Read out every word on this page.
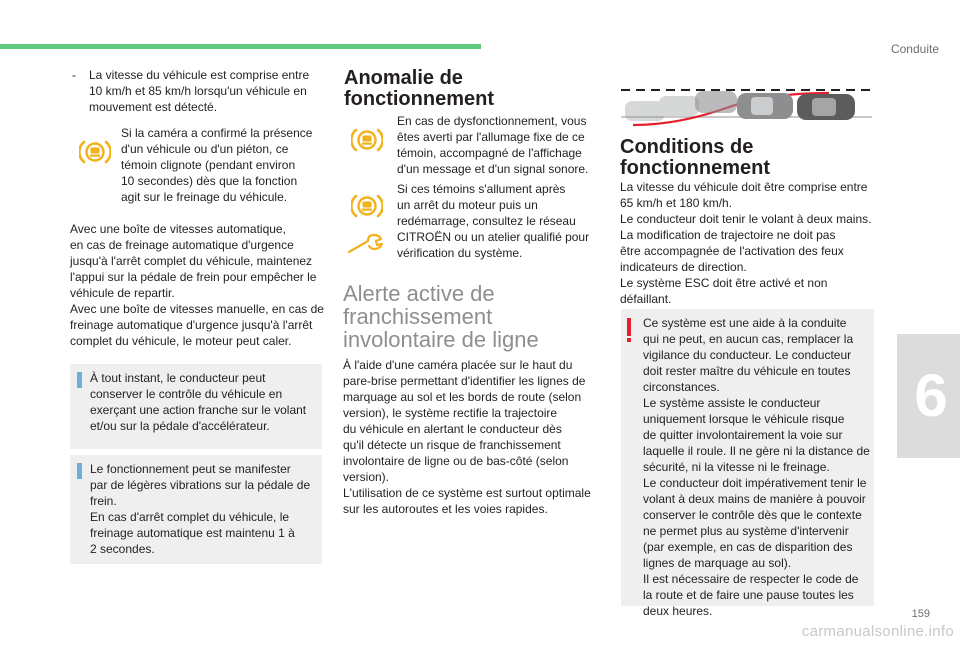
Conduite
- La vitesse du véhicule est comprise entre
10 km/h et 85 km/h lorsqu'un véhicule en
mouvement est détecté.
Si la caméra a confirmé la présence
d'un véhicule ou d'un piéton, ce
témoin clignote (pendant environ
10 secondes) dès que la fonction
agit sur le freinage du véhicule.
Avec une boîte de vitesses automatique,
en cas de freinage automatique d'urgence
jusqu'à l'arrêt complet du véhicule, maintenez
l'appui sur la pédale de frein pour empêcher le
véhicule de repartir.
Avec une boîte de vitesses manuelle, en cas de
freinage automatique d'urgence jusqu'à l'arrêt
complet du véhicule, le moteur peut caler.
À tout instant, le conducteur peut
conserver le contrôle du véhicule en
exerçant une action franche sur le volant
et/ou sur la pédale d'accélérateur.
Le fonctionnement peut se manifester
par de légères vibrations sur la pédale de
frein.
En cas d'arrêt complet du véhicule, le
freinage automatique est maintenu 1 à
2 secondes.
Anomalie de
fonctionnement
En cas de dysfonctionnement, vous
êtes averti par l'allumage fixe de ce
témoin, accompagné de l'affichage
d'un message et d'un signal sonore.
Si ces témoins s'allument après
un arrêt du moteur puis un
redémarrage, consultez le réseau
CITROËN ou un atelier qualifié pour
vérification du système.
Alerte active de
franchissement
involontaire de ligne
À l'aide d'une caméra placée sur le haut du
pare-brise permettant d'identifier les lignes de
marquage au sol et les bords de route (selon
version), le système rectifie la trajectoire
du véhicule en alertant le conducteur dès
qu'il détecte un risque de franchissement
involontaire de ligne ou de bas-côté (selon
version).
L'utilisation de ce système est surtout optimale
sur les autoroutes et les voies rapides.
Conditions de
fonctionnement
La vitesse du véhicule doit être comprise entre
65 km/h et 180 km/h.
Le conducteur doit tenir le volant à deux mains.
La modification de trajectoire ne doit pas
être accompagnée de l'activation des feux
indicateurs de direction.
Le système ESC doit être activé et non
défaillant.
Ce système est une aide à la conduite
qui ne peut, en aucun cas, remplacer la
vigilance du conducteur. Le conducteur
doit rester maître du véhicule en toutes
circonstances.
Le système assiste le conducteur
uniquement lorsque le véhicule risque
de quitter involontairement la voie sur
laquelle il roule. Il ne gère ni la distance de
sécurité, ni la vitesse ni le freinage.
Le conducteur doit impérativement tenir le
volant à deux mains de manière à pouvoir
conserver le contrôle dès que le contexte
ne permet plus au système d'intervenir
(par exemple, en cas de disparition des
lignes de marquage au sol).
Il est nécessaire de respecter le code de
la route et de faire une pause toutes les
deux heures.
6
159
carmanualsonline.info
